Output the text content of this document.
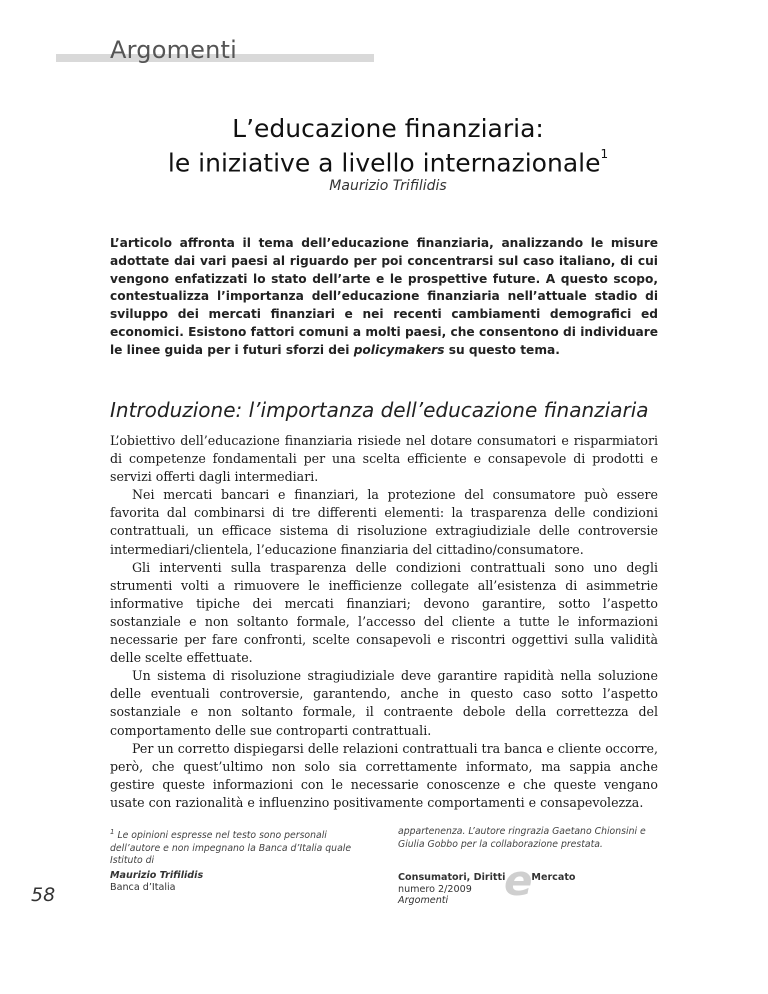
Argomenti
L’educazione finanziaria:
le iniziative a livello internazionale$^1$
Maurizio Trifilidis
L’articolo affronta il tema dell’educazione finanziaria, analizzando le misure adottate dai vari paesi al riguardo per poi concentrarsi sul caso italiano, di cui vengono enfatizzati lo stato dell’arte e le prospettive future. A questo scopo, contestualizza l’importanza dell’educazione finanziaria nell’attuale stadio di sviluppo dei mercati finanziari e nei recenti cambiamenti demografici ed economici. Esistono fattori comuni a molti paesi, che consentono di individuare le linee guida per i futuri sforzi dei policymakers su questo tema.
Introduzione: l’importanza dell’educazione finanziaria

L’obiettivo dell’educazione finanziaria risiede nel dotare consumatori e risparmiatori di competenze fondamentali per una scelta efficiente e consapevole di prodotti e servizi offerti dagli intermediari.

Nei mercati bancari e finanziari, la protezione del consumatore può essere favorita dal combinarsi di tre differenti elementi: la trasparenza delle condizioni contrattuali, un efficace sistema di risoluzione extragiudiziale delle controversie intermediari/clientela, l’educazione finanziaria del cittadino/consumatore.

Gli interventi sulla trasparenza delle condizioni contrattuali sono uno degli strumenti volti a rimuovere le inefficienze collegate all’esistenza di asimmetrie informative tipiche dei mercati finanziari; devono garantire, sotto l’aspetto sostanziale e non soltanto formale, l’accesso del cliente a tutte le informazioni necessarie per fare confronti, scelte consapevoli e riscontri oggettivi sulla validità delle scelte effettuate.

Un sistema di risoluzione stragiudiziale deve garantire rapidità nella soluzione delle eventuali controversie, garantendo, anche in questo caso sotto l’aspetto sostanziale e non soltanto formale, il contraente debole della correttezza del comportamento delle sue controparti contrattuali.

Per un corretto dispiegarsi delle relazioni contrattuali tra banca e cliente occorre, però, che quest’ultimo non solo sia correttamente informato, ma sappia anche gestire queste informazioni con le necessarie conoscenze e che queste vengano usate con razionalità e influenzino positivamente comportamenti e consapevolezza.

$^1$ Le opinioni espresse nel testo sono personali dell’autore e non impegnano la Banca d’Italia quale Istituto di
appartenenza. L’autore ringrazia Gaetano Chionsini e Giulia Gobbo per la collaborazione prestata.
58
Maurizio Trifilidis
Banca d’Italia	e
Consumatori, Diritti	Mercato
numero 2/2009
Argomenti
